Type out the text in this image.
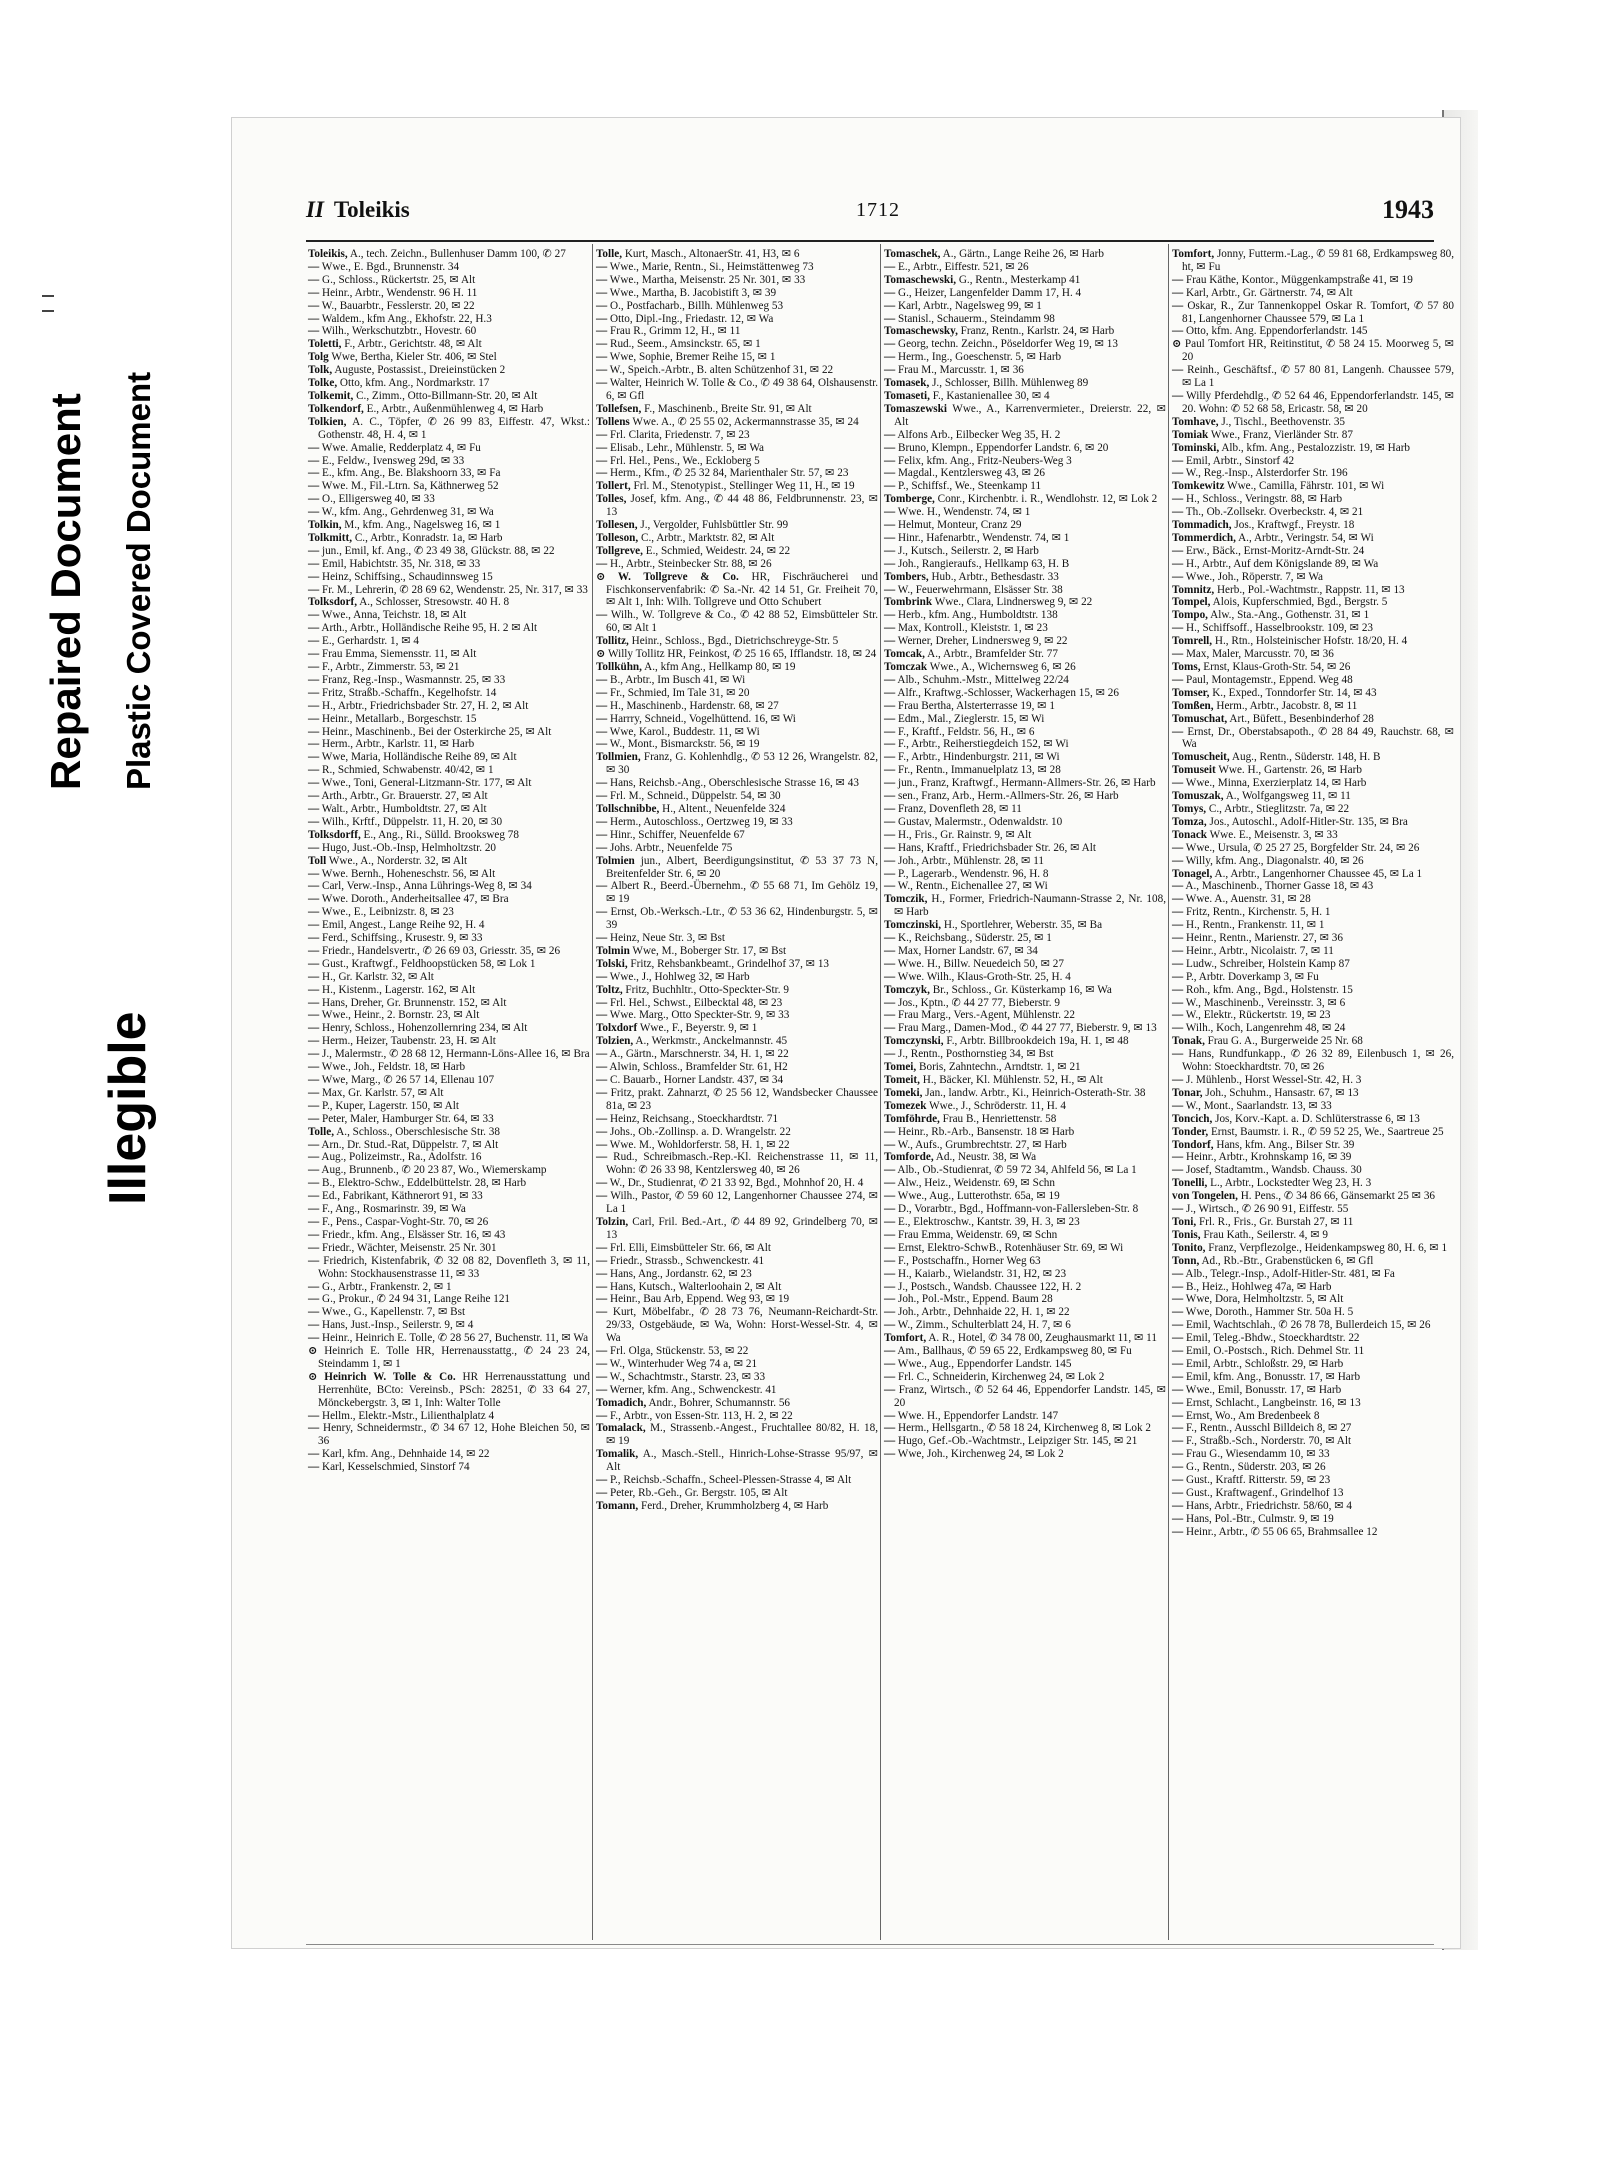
Repaired Document Plastic Covered Document
Illegible
II Toleikis	1712	1943

Toleikis, A., tech. Zeichn., Bullenhuser Damm 100, ✆ 27

— Wwe., E. Bgd., Brunnenstr. 34

— G., Schloss., Rückertstr. 25, ✉ Alt

— Heinr., Arbtr., Wendenstr. 96 H. 11

— W., Bauarbtr., Fesslerstr. 20, ✉ 22

— Waldem., kfm Ang., Ekhofstr. 22, H.3

— Wilh., Werkschutzbtr., Hovestr. 60

Toletti, F., Arbtr., Gerichtstr. 48, ✉ Alt

Tolg Wwe, Bertha, Kieler Str. 406, ✉ Stel

Tolk, Auguste, Postassist., Dreieinstücken 2

Tolke, Otto, kfm. Ang., Nordmarkstr. 17

Tolkemit, C., Zimm., Otto-Billmann-Str. 20, ✉ Alt

Tolkendorf, E., Arbtr., Außenmühlenweg 4, ✉ Harb

Tolkien, A. C., Töpfer, ✆ 26 99 83, Eiffestr. 47, Wkst.: Gothenstr. 48, H. 4, ✉ 1

— Wwe. Amalie, Redderplatz 4, ✉ Fu

— E., Feldw., Ivensweg 29d, ✉ 33

— E., kfm. Ang., Be. Blakshoorn 33, ✉ Fa

— Wwe. M., Fil.-Ltrn. Sa, Käthnerweg 52

— O., Elligersweg 40, ✉ 33

— W., kfm. Ang., Gehrdenweg 31, ✉ Wa

Tolkin, M., kfm. Ang., Nagelsweg 16, ✉ 1

Tolkmitt, C., Arbtr., Konradstr. 1a, ✉ Harb

— jun., Emil, kf. Ang., ✆ 23 49 38, Glückstr. 88, ✉ 22

— Emil, Habichtstr. 35, Nr. 318, ✉ 33

— Heinz, Schiffsing., Schaudinnsweg 15

— Fr. M., Lehrerin, ✆ 28 69 62, Wendenstr. 25, Nr. 317, ✉ 33

Tolksdorf, A., Schlosser, Stresowstr. 40 H. 8

— Wwe., Anna, Teichstr. 18, ✉ Alt

— Arth., Arbtr., Holländische Reihe 95, H. 2 ✉ Alt

— E., Gerhardstr. 1, ✉ 4

— Frau Emma, Siemensstr. 11, ✉ Alt

— F., Arbtr., Zimmerstr. 53, ✉ 21

— Franz, Reg.-Insp., Wasmannstr. 25, ✉ 33

— Fritz, Straßb.-Schaffn., Kegelhofstr. 14

— H., Arbtr., Friedrichsbader Str. 27, H. 2, ✉ Alt

— Heinr., Metallarb., Borgeschstr. 15

— Heinr., Maschinenb., Bei der Osterkirche 25, ✉ Alt

— Herm., Arbtr., Karlstr. 11, ✉ Harb

— Wwe, Maria, Holländische Reihe 89, ✉ Alt

— R., Schmied, Schwabenstr. 40/42, ✉ 1

— Wwe., Toni, General-Litzmann-Str. 177, ✉ Alt

— Arth., Arbtr., Gr. Brauerstr. 27, ✉ Alt

— Walt., Arbtr., Humboldtstr. 27, ✉ Alt

— Wilh., Krftf., Düppelstr. 11, H. 20, ✉ 30

Tolksdorff, E., Ang., Ri., Sülld. Brooksweg 78

— Hugo, Just.-Ob.-Insp, Helmholtzstr. 20

Toll Wwe., A., Norderstr. 32, ✉ Alt

— Wwe. Bernh., Hoheneschstr. 56, ✉ Alt

— Carl, Verw.-Insp., Anna Lührings-Weg 8, ✉ 34

— Wwe. Doroth., Anderheitsallee 47, ✉ Bra

— Wwe., E., Leibnizstr. 8, ✉ 23

— Emil, Angest., Lange Reihe 92, H. 4

— Ferd., Schiffsing., Krusestr. 9, ✉ 33

— Friedr., Handelsvertr., ✆ 26 69 03, Griesstr. 35, ✉ 26

— Gust., Kraftwgf., Feldhoopstücken 58, ✉ Lok 1

— H., Gr. Karlstr. 32, ✉ Alt

— H., Kistenm., Lagerstr. 162, ✉ Alt

— Hans, Dreher, Gr. Brunnenstr. 152, ✉ Alt

— Wwe., Heinr., 2. Bornstr. 23, ✉ Alt

— Henry, Schloss., Hohenzollernring 234, ✉ Alt

— Herm., Heizer, Taubenstr. 23, H. ✉ Alt

— J., Malermstr., ✆ 28 68 12, Hermann-Löns-Allee 16, ✉ Bra

— Wwe., Joh., Feldstr. 18, ✉ Harb

— Wwe, Marg., ✆ 26 57 14, Ellenau 107

— Max, Gr. Karlstr. 57, ✉ Alt

— P., Kuper, Lagerstr. 150, ✉ Alt

— Peter, Maler, Hamburger Str. 64, ✉ 33

Tolle, A., Schloss., Oberschlesische Str. 38

— Arn., Dr. Stud.-Rat, Düppelstr. 7, ✉ Alt

— Aug., Polizeimstr., Ra., Adolfstr. 16

— Aug., Brunnenb., ✆ 20 23 87, Wo., Wiemerskamp

— B., Elektro-Schw., Eddelbüttelstr. 28, ✉ Harb

— Ed., Fabrikant, Käthnerort 91, ✉ 33

— F., Ang., Rosmarinstr. 39, ✉ Wa

— F., Pens., Caspar-Voght-Str. 70, ✉ 26

— Friedr., kfm. Ang., Elsässer Str. 16, ✉ 43

— Friedr., Wächter, Meisenstr. 25 Nr. 301

— Friedrich, Kistenfabrik, ✆ 32 08 82, Dovenfleth 3, ✉ 11, Wohn: Stockhausenstrasse 11, ✉ 33

— G., Arbtr., Frankenstr. 2, ✉ 1

— G., Prokur., ✆ 24 94 31, Lange Reihe 121

— Wwe., G., Kapellenstr. 7, ✉ Bst

— Hans, Just.-Insp., Seilerstr. 9, ✉ 4

— Heinr., Heinrich E. Tolle, ✆ 28 56 27, Buchenstr. 11, ✉ Wa

⊙ Heinrich E. Tolle HR, Herrenausstattg., ✆ 24 23 24, Steindamm 1, ✉ 1

⊙ Heinrich W. Tolle & Co. HR Herrenausstattung und Herrenhüte, BCto: Vereinsb., PSch: 28251, ✆ 33 64 27, Mönckebergstr. 3, ✉ 1, Inh: Walter Tolle

— Hellm., Elektr.-Mstr., Lilienthalplatz 4

— Henry, Schneidermstr., ✆ 34 67 12, Hohe Bleichen 50, ✉ 36

— Karl, kfm. Ang., Dehnhaide 14, ✉ 22

— Karl, Kesselschmied, Sinstorf 74

Tolle, Kurt, Masch., AltonaerStr. 41, H3, ✉ 6

— Wwe., Marie, Rentn., Si., Heimstättenweg 73

— Wwe., Martha, Meisenstr. 25 Nr. 301, ✉ 33

— Wwe., Martha, B. Jacobistift 3, ✉ 39

— O., Postfacharb., Billh. Mühlenweg 53

— Otto, Dipl.-Ing., Friedastr. 12, ✉ Wa

— Frau R., Grimm 12, H., ✉ 11

— Rud., Seem., Amsinckstr. 65, ✉ 1

— Wwe, Sophie, Bremer Reihe 15, ✉ 1

— W., Speich.-Arbtr., B. alten Schützenhof 31, ✉ 22

— Walter, Heinrich W. Tolle & Co., ✆ 49 38 64, Olshausenstr. 6, ✉ Gfl

Tollefsen, F., Maschinenb., Breite Str. 91, ✉ Alt

Tollens Wwe. A., ✆ 25 55 02, Ackermannstrasse 35, ✉ 24

— Frl. Clarita, Friedenstr. 7, ✉ 23

— Elisab., Lehr., Mühlenstr. 5, ✉ Wa

— Frl. Hel., Pens., We., Eckloberg 5

— Herm., Kfm., ✆ 25 32 84, Marienthaler Str. 57, ✉ 23

Tollert, Frl. M., Stenotypist., Stellinger Weg 11, H., ✉ 19

Tolles, Josef, kfm. Ang., ✆ 44 48 86, Feldbrunnenstr. 23, ✉ 13

Tollesen, J., Vergolder, Fuhlsbüttler Str. 99

Tolleson, C., Arbtr., Marktstr. 82, ✉ Alt

Tollgreve, E., Schmied, Weidestr. 24, ✉ 22

— H., Arbtr., Steinbecker Str. 88, ✉ 26

⊙ W. Tollgreve & Co. HR, Fischräucherei und Fischkonservenfabrik: ✆ Sa.-Nr. 42 14 51, Gr. Freiheit 70, ✉ Alt 1, Inh: Wilh. Tollgreve und Otto Schubert

— Wilh., W. Tollgreve & Co., ✆ 42 88 52, Eimsbütteler Str. 60, ✉ Alt 1

Tollitz, Heinr., Schloss., Bgd., Dietrichschreyge-Str. 5

⊙ Willy Tollitz HR, Feinkost, ✆ 25 16 65, Ifflandstr. 18, ✉ 24

Tollkühn, A., kfm Ang., Hellkamp 80, ✉ 19

— B., Arbtr., Im Busch 41, ✉ Wi

— Fr., Schmied, Im Tale 31, ✉ 20

— H., Maschinenb., Hardenstr. 68, ✉ 27

— Harrry, Schneid., Vogelhüttend. 16, ✉ Wi

— Wwe, Karol., Buddestr. 11, ✉ Wi

— W., Mont., Bismarckstr. 56, ✉ 19

Tollmien, Franz, G. Kohlenhdlg., ✆ 53 12 26, Wrangelstr. 82, ✉ 30

— Hans, Reichsb.-Ang., Oberschlesische Strasse 16, ✉ 43

— Frl. M., Schneid., Düppelstr. 54, ✉ 30

Tollschnibbe, H., Altent., Neuenfelde 324

— Herm., Autoschloss., Oertzweg 19, ✉ 33

— Hinr., Schiffer, Neuenfelde 67

— Johs. Arbtr., Neuenfelde 75

Tolmien jun., Albert, Beerdigungsinstitut, ✆ 53 37 73 N, Breitenfelder Str. 6, ✉ 20

— Albert R., Beerd.-Übernehm., ✆ 55 68 71, Im Gehölz 19, ✉ 19

— Ernst, Ob.-Werksch.-Ltr., ✆ 53 36 62, Hindenburgstr. 5, ✉ 39

— Heinz, Neue Str. 3, ✉ Bst

Tolmin Wwe, M., Boberger Str. 17, ✉ Bst

Tolski, Fritz, Rehsbankbeamt., Grindelhof 37, ✉ 13

— Wwe., J., Hohlweg 32, ✉ Harb

Toltz, Fritz, Buchhltr., Otto-Speckter-Str. 9

— Frl. Hel., Schwst., Eilbecktal 48, ✉ 23

— Wwe. Marg., Otto Speckter-Str. 9, ✉ 33

Tolxdorf Wwe., F., Beyerstr. 9, ✉ 1

Tolzien, A., Werkmstr., Anckelmannstr. 45

— A., Gärtn., Marschnerstr. 34, H. 1, ✉ 22

— Alwin, Schloss., Bramfelder Str. 61, H2

— C. Bauarb., Horner Landstr. 437, ✉ 34

— Fritz, prakt. Zahnarzt, ✆ 25 56 12, Wandsbecker Chaussee 81a, ✉ 23

— Heinz, Reichsang., Stoeckhardtstr. 71

— Johs., Ob.-Zollinsp. a. D. Wrangelstr. 22

— Wwe. M., Wohldorferstr. 58, H. 1, ✉ 22

— Rud., Schreibmasch.-Rep.-Kl. Reichenstrasse 11, ✉ 11, Wohn: ✆ 26 33 98, Kentzlersweg 40, ✉ 26

— W., Dr., Studienrat, ✆ 21 33 92, Bgd., Mohnhof 20, H. 4

— Wilh., Pastor, ✆ 59 60 12, Langenhorner Chaussee 274, ✉ La 1

Tolzin, Carl, Fril. Bed.-Art., ✆ 44 89 92, Grindelberg 70, ✉ 13

— Frl. Elli, Eimsbütteler Str. 66, ✉ Alt

— Friedr., Strassb., Schwenckestr. 41

— Hans, Ang., Jordanstr. 62, ✉ 23

— Hans, Kutsch., Walterloohain 2, ✉ Alt

— Heinr., Bau Arb, Eppend. Weg 93, ✉ 19

— Kurt, Möbelfabr., ✆ 28 73 76, Neumann-Reichardt-Str. 29/33, Ostgebäude, ✉ Wa, Wohn: Horst-Wessel-Str. 4, ✉ Wa

— Frl. Olga, Stückenstr. 53, ✉ 22

— W., Winterhuder Weg 74 a, ✉ 21

— W., Schachtmstr., Starstr. 23, ✉ 33

— Werner, kfm. Ang., Schwenckestr. 41

Tomadich, Andr., Bohrer, Schumannstr. 56

— F., Arbtr., von Essen-Str. 113, H. 2, ✉ 22

Tomalack, M., Strassenb.-Angest., Fruchtallee 80/82, H. 18, ✉ 19

Tomalik, A., Masch.-Stell., Hinrich-Lohse-Strasse 95/97, ✉ Alt

— P., Reichsb.-Schaffn., Scheel-Plessen-Strasse 4, ✉ Alt

— Peter, Rb.-Geh., Gr. Bergstr. 105, ✉ Alt

Tomann, Ferd., Dreher, Krummholzberg 4, ✉ Harb

Tomaschek, A., Gärtn., Lange Reihe 26, ✉ Harb

— E., Arbtr., Eiffestr. 521, ✉ 26

Tomaschewski, G., Rentn., Mesterkamp 41

— G., Heizer, Langenfelder Damm 17, H. 4

— Karl, Arbtr., Nagelsweg 99, ✉ 1

— Stanisl., Schauerm., Steindamm 98

Tomaschewsky, Franz, Rentn., Karlstr. 24, ✉ Harb

— Georg, techn. Zeichn., Pöseldorfer Weg 19, ✉ 13

— Herm., Ing., Goeschenstr. 5, ✉ Harb

— Frau M., Marcusstr. 1, ✉ 36

Tomasek, J., Schlosser, Billh. Mühlenweg 89

Tomaseti, F., Kastanienallee 30, ✉ 4

Tomaszewski Wwe., A., Karrenvermieter., Dreierstr. 22, ✉ Alt

— Alfons Arb., Eilbecker Weg 35, H. 2

— Bruno, Klempn., Eppendorfer Landstr. 6, ✉ 20

— Felix, kfm. Ang., Fritz-Neubers-Weg 3

— Magdal., Kentzlersweg 43, ✉ 26

— P., Schiffsf., We., Steenkamp 11

Tomberge, Conr., Kirchenbtr. i. R., Wendlohstr. 12, ✉ Lok 2

— Wwe. H., Wendenstr. 74, ✉ 1

— Helmut, Monteur, Cranz 29

— Hinr., Hafenarbtr., Wendenstr. 74, ✉ 1

— J., Kutsch., Seilerstr. 2, ✉ Harb

— Joh., Rangieraufs., Hellkamp 63, H. B

Tombers, Hub., Arbtr., Bethesdastr. 33

— W., Feuerwehrmann, Elsässer Str. 38

Tombrink Wwe., Clara, Lindnersweg 9, ✉ 22

— Herb., kfm. Ang., Humboldtstr. 138

— Max, Kontroll., Kleiststr. 1, ✉ 23

— Werner, Dreher, Lindnersweg 9, ✉ 22

Tomcak, A., Arbtr., Bramfelder Str. 77

Tomczak Wwe., A., Wichernsweg 6, ✉ 26

— Alb., Schuhm.-Mstr., Mittelweg 22/24

— Alfr., Kraftwg.-Schlosser, Wackerhagen 15, ✉ 26

— Frau Bertha, Alsterterrasse 19, ✉ 1

— Edm., Mal., Zieglerstr. 15, ✉ Wi

— F., Kraftf., Feldstr. 56, H., ✉ 6

— F., Arbtr., Reiherstiegdeich 152, ✉ Wi

— F., Arbtr., Hindenburgstr. 211, ✉ Wi

— Fr., Rentn., Immanuelplatz 13, ✉ 28

— jun., Franz, Kraftwgf., Hermann-Allmers-Str. 26, ✉ Harb

— sen., Franz, Arb., Herm.-Allmers-Str. 26, ✉ Harb

— Franz, Dovenfleth 28, ✉ 11

— Gustav, Malermstr., Odenwaldstr. 10

— H., Fris., Gr. Rainstr. 9, ✉ Alt

— Hans, Kraftf., Friedrichsbader Str. 26, ✉ Alt

— Joh., Arbtr., Mühlenstr. 28, ✉ 11

— P., Lagerarb., Wendenstr. 96, H. 8

— W., Rentn., Eichenallee 27, ✉ Wi

Tomczik, H., Former, Friedrich-Naumann-Strasse 2, Nr. 108, ✉ Harb

Tomczinski, H., Sportlehrer, Weberstr. 35, ✉ Ba

— K., Reichsbang., Süderstr. 25, ✉ 1

— Max, Horner Landstr. 67, ✉ 34

— Wwe. H., Billw. Neuedeich 50, ✉ 27

— Wwe. Wilh., Klaus-Groth-Str. 25, H. 4

Tomczyk, Br., Schloss., Gr. Küsterkamp 16, ✉ Wa

— Jos., Kptn., ✆ 44 27 77, Bieberstr. 9

— Frau Marg., Vers.-Agent, Mühlenstr. 22

— Frau Marg., Damen-Mod., ✆ 44 27 77, Bieberstr. 9, ✉ 13

Tomczynski, F., Arbtr. Billbrookdeich 19a, H. 1, ✉ 48

— J., Rentn., Posthornstieg 34, ✉ Bst

Tomei, Boris, Zahntechn., Arndtstr. 1, ✉ 21

Tomeit, H., Bäcker, Kl. Mühlenstr. 52, H., ✉ Alt

Tomeki, Jan., landw. Arbtr., Ki., Heinrich-Osterath-Str. 38

Tomezek Wwe., J., Schröderstr. 11, H. 4

Tomföhrde, Frau B., Henriettenstr. 58

— Heinr., Rb.-Arb., Bansenstr. 18 ✉ Harb

— W., Aufs., Grumbrechtstr. 27, ✉ Harb

Tomforde, Ad., Neustr. 38, ✉ Wa

— Alb., Ob.-Studienrat, ✆ 59 72 34, Ahlfeld 56, ✉ La 1

— Alw., Heiz., Weidenstr. 69, ✉ Schn

— Wwe., Aug., Lutterothstr. 65a, ✉ 19

— D., Vorarbtr., Bgd., Hoffmann-von-Fallersleben-Str. 8

— E., Elektroschw., Kantstr. 39, H. 3, ✉ 23

— Frau Emma, Weidenstr. 69, ✉ Schn

— Ernst, Elektro-SchwB., Rotenhäuser Str. 69, ✉ Wi

— F., Postschaffn., Horner Weg 63

— H., Kaiarb., Wielandstr. 31, H2, ✉ 23

— J., Postsch., Wandsb. Chaussee 122, H. 2

— Joh., Pol.-Mstr., Eppend. Baum 28

— Joh., Arbtr., Dehnhaide 22, H. 1, ✉ 22

— W., Zimm., Schulterblatt 24, H. 7, ✉ 6

Tomfort, A. R., Hotel, ✆ 34 78 00, Zeughausmarkt 11, ✉ 11

— Am., Ballhaus, ✆ 59 65 22, Erdkampsweg 80, ✉ Fu

— Wwe., Aug., Eppendorfer Landstr. 145

— Frl. C., Schneiderin, Kirchenweg 24, ✉ Lok 2

— Franz, Wirtsch., ✆ 52 64 46, Eppendorfer Landstr. 145, ✉ 20

— Wwe. H., Eppendorfer Landstr. 147

— Herm., Hellsgartn., ✆ 58 18 24, Kirchenweg 8, ✉ Lok 2

— Hugo, Gef.-Ob.-Wachtmstr., Leipziger Str. 145, ✉ 21

— Wwe, Joh., Kirchenweg 24, ✉ Lok 2

Tomfort, Jonny, Futterm.-Lag., ✆ 59 81 68, Erdkampsweg 80, ht, ✉ Fu

— Frau Käthe, Kontor., Müggenkampstraße 41, ✉ 19

— Karl, Arbtr., Gr. Gärtnerstr. 74, ✉ Alt

— Oskar, R., Zur Tannenkoppel Oskar R. Tomfort, ✆ 57 80 81, Langenhorner Chaussee 579, ✉ La 1

— Otto, kfm. Ang. Eppendorferlandstr. 145

⊙ Paul Tomfort HR, Reitinstitut, ✆ 58 24 15. Moorweg 5, ✉ 20

— Reinh., Geschäftsf., ✆ 57 80 81, Langenh. Chaussee 579, ✉ La 1

— Willy Pferdehdlg., ✆ 52 64 46, Eppendorferlandstr. 145, ✉ 20. Wohn: ✆ 52 68 58, Ericastr. 58, ✉ 20

Tomhave, J., Tischl., Beethovenstr. 35

Tomiak Wwe., Franz, Vierländer Str. 87

Tominski, Alb., kfm. Ang., Pestalozzistr. 19, ✉ Harb

— Emil, Arbtr., Sinstorf 42

— W., Reg.-Insp., Alsterdorfer Str. 196

Tomkewitz Wwe., Camilla, Fährstr. 101, ✉ Wi

— H., Schloss., Veringstr. 88, ✉ Harb

— Th., Ob.-Zollsekr. Overbeckstr. 4, ✉ 21

Tommadich, Jos., Kraftwgf., Freystr. 18

Tommerdich, A., Arbtr., Veringstr. 54, ✉ Wi

— Erw., Bäck., Ernst-Moritz-Arndt-Str. 24

— H., Arbtr., Auf dem Königslande 89, ✉ Wa

— Wwe., Joh., Röperstr. 7, ✉ Wa

Tomnitz, Herb., Pol.-Wachtmstr., Rappstr. 11, ✉ 13

Tompel, Alois, Kupferschmied, Bgd., Bergstr. 5

Tompo, Alw., Sta.-Ang., Gothenstr. 31, ✉ 1

— H., Schiffsoff., Hasselbrookstr. 109, ✉ 23

Tomrell, H., Rtn., Holsteinischer Hofstr. 18/20, H. 4

— Max, Maler, Marcusstr. 70, ✉ 36

Toms, Ernst, Klaus-Groth-Str. 54, ✉ 26

— Paul, Montagemstr., Eppend. Weg 48

Tomser, K., Exped., Tonndorfer Str. 14, ✉ 43

Tomßen, Herm., Arbtr., Jacobstr. 8, ✉ 11

Tomuschat, Art., Büfett., Besenbinderhof 28

— Ernst, Dr., Oberstabsapoth., ✆ 28 84 49, Rauchstr. 68, ✉ Wa

Tomuscheit, Aug., Rentn., Süderstr. 148, H. B

Tomuseit Wwe. H., Gartenstr. 26, ✉ Harb

— Wwe., Minna, Exerzierplatz 14, ✉ Harb

Tomuszak, A., Wolfgangsweg 11, ✉ 11

Tomys, C., Arbtr., Stieglitzstr. 7a, ✉ 22

Tomza, Jos., Autoschl., Adolf-Hitler-Str. 135, ✉ Bra

Tonack Wwe. E., Meisenstr. 3, ✉ 33

— Wwe., Ursula, ✆ 25 27 25, Borgfelder Str. 24, ✉ 26

— Willy, kfm. Ang., Diagonalstr. 40, ✉ 26

Tonagel, A., Arbtr., Langenhorner Chaussee 45, ✉ La 1

— A., Maschinenb., Thorner Gasse 18, ✉ 43

— Wwe. A., Auenstr. 31, ✉ 28

— Fritz, Rentn., Kirchenstr. 5, H. 1

— H., Rentn., Frankenstr. 11, ✉ 1

— Heinr., Rentn., Marienstr. 27, ✉ 36

— Heinr., Arbtr., Nicolaistr. 7, ✉ 11

— Ludw., Schreiber, Holstein Kamp 87

— P., Arbtr. Doverkamp 3, ✉ Fu

— Roh., kfm. Ang., Bgd., Holstenstr. 15

— W., Maschinenb., Vereinsstr. 3, ✉ 6

— W., Elektr., Rückertstr. 19, ✉ 23

— Wilh., Koch, Langenrehm 48, ✉ 24

Tonak, Frau G. A., Burgerweide 25 Nr. 68

— Hans, Rundfunkapp., ✆ 26 32 89, Eilenbusch 1, ✉ 26, Wohn: Stoeckhardtstr. 70, ✉ 26

— J. Mühlenb., Horst Wessel-Str. 42, H. 3

Tonar, Joh., Schuhm., Hansastr. 67, ✉ 13

— W., Mont., Saarlandstr. 13, ✉ 33

Toncich, Jos, Korv.-Kapt. a. D. Schlüterstrasse 6, ✉ 13

Tonder, Ernst, Baumstr. i. R., ✆ 59 52 25, We., Saartreue 25

Tondorf, Hans, kfm. Ang., Bilser Str. 39

— Heinr., Arbtr., Krohnskamp 16, ✉ 39

— Josef, Stadtamtm., Wandsb. Chauss. 30

Tonelli, L., Arbtr., Lockstedter Weg 23, H. 3

von Tongelen, H. Pens., ✆ 34 86 66, Gänsemarkt 25 ✉ 36

— J., Wirtsch., ✆ 26 90 91, Eiffestr. 55

Toni, Frl. R., Fris., Gr. Burstah 27, ✉ 11

Tonis, Frau Kath., Seilerstr. 4, ✉ 9

Tonito, Franz, Verpflezolge., Heidenkampsweg 80, H. 6, ✉ 1

Tonn, Ad., Rb.-Btr., Grabenstücken 6, ✉ Gfl

— Alb., Telegr.-Insp., Adolf-Hitler-Str. 481, ✉ Fa

— B., Heiz., Hohlweg 47a, ✉ Harb

— Wwe, Dora, Helmholtzstr. 5, ✉ Alt

— Wwe, Doroth., Hammer Str. 50a H. 5

— Emil, Wachtschlah., ✆ 26 78 78, Bullerdeich 15, ✉ 26

— Emil, Teleg.-Bhdw., Stoeckhardtstr. 22

— Emil, O.-Postsch., Rich. Dehmel Str. 11

— Emil, Arbtr., Schloßstr. 29, ✉ Harb

— Emil, kfm. Ang., Bonusstr. 17, ✉ Harb

— Wwe., Emil, Bonusstr. 17, ✉ Harb

— Ernst, Schlacht., Langbeinstr. 16, ✉ 13

— Ernst, Wo., Am Bredenbeek 8

— F., Rentn., Ausschl Billdeich 8, ✉ 27

— F., Straßb.-Sch., Norderstr. 70, ✉ Alt

— Frau G., Wiesendamm 10, ✉ 33

— G., Rentn., Süderstr. 203, ✉ 26

— Gust., Kraftf. Ritterstr. 59, ✉ 23

— Gust., Kraftwagenf., Grindelhof 13

— Hans, Arbtr., Friedrichstr. 58/60, ✉ 4

— Hans, Pol.-Btr., Culmstr. 9, ✉ 19

— Heinr., Arbtr., ✆ 55 06 65, Brahmsallee 12
